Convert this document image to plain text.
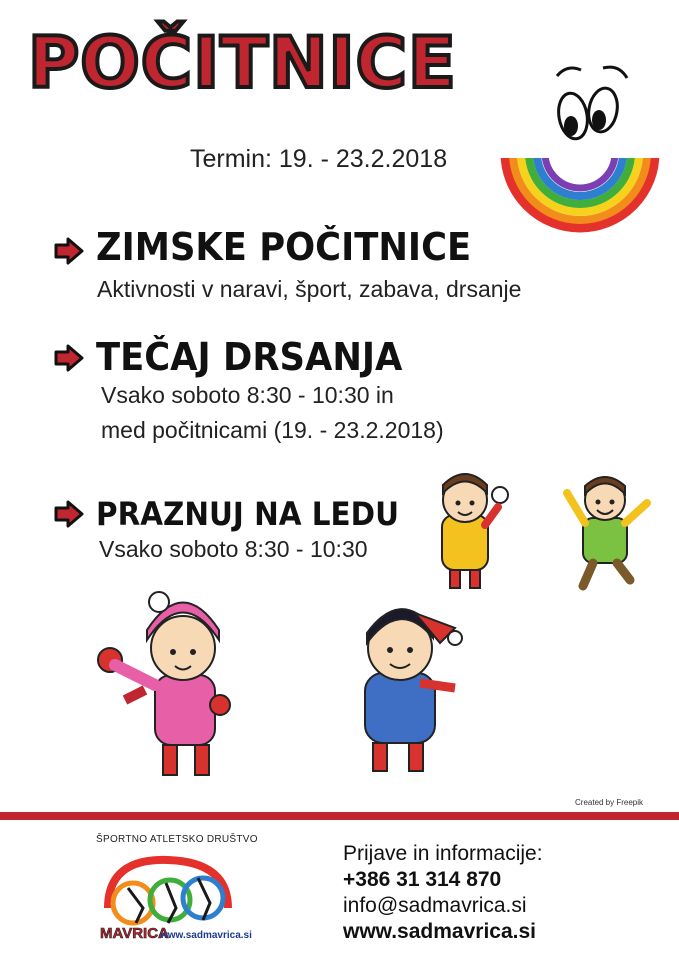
POČITNICE
Termin: 19. - 23.2.2018
ZIMSKE POČITNICE
Aktivnosti v naravi, šport, zabava, drsanje
TEČAJ DRSANJA
Vsako soboto 8:30 - 10:30 in
med počitnicami (19. - 23.2.2018)
PRAZNUJ NA LEDU
Vsako soboto 8:30 - 10:30
Created by Freepik
ŠPORTNO ATLETSKO DRUŠTVO
MAVRICA
www.sadmavrica.si
Prijave in informacije:
+386 31 314 870
info@sadmavrica.si
www.sadmavrica.si
